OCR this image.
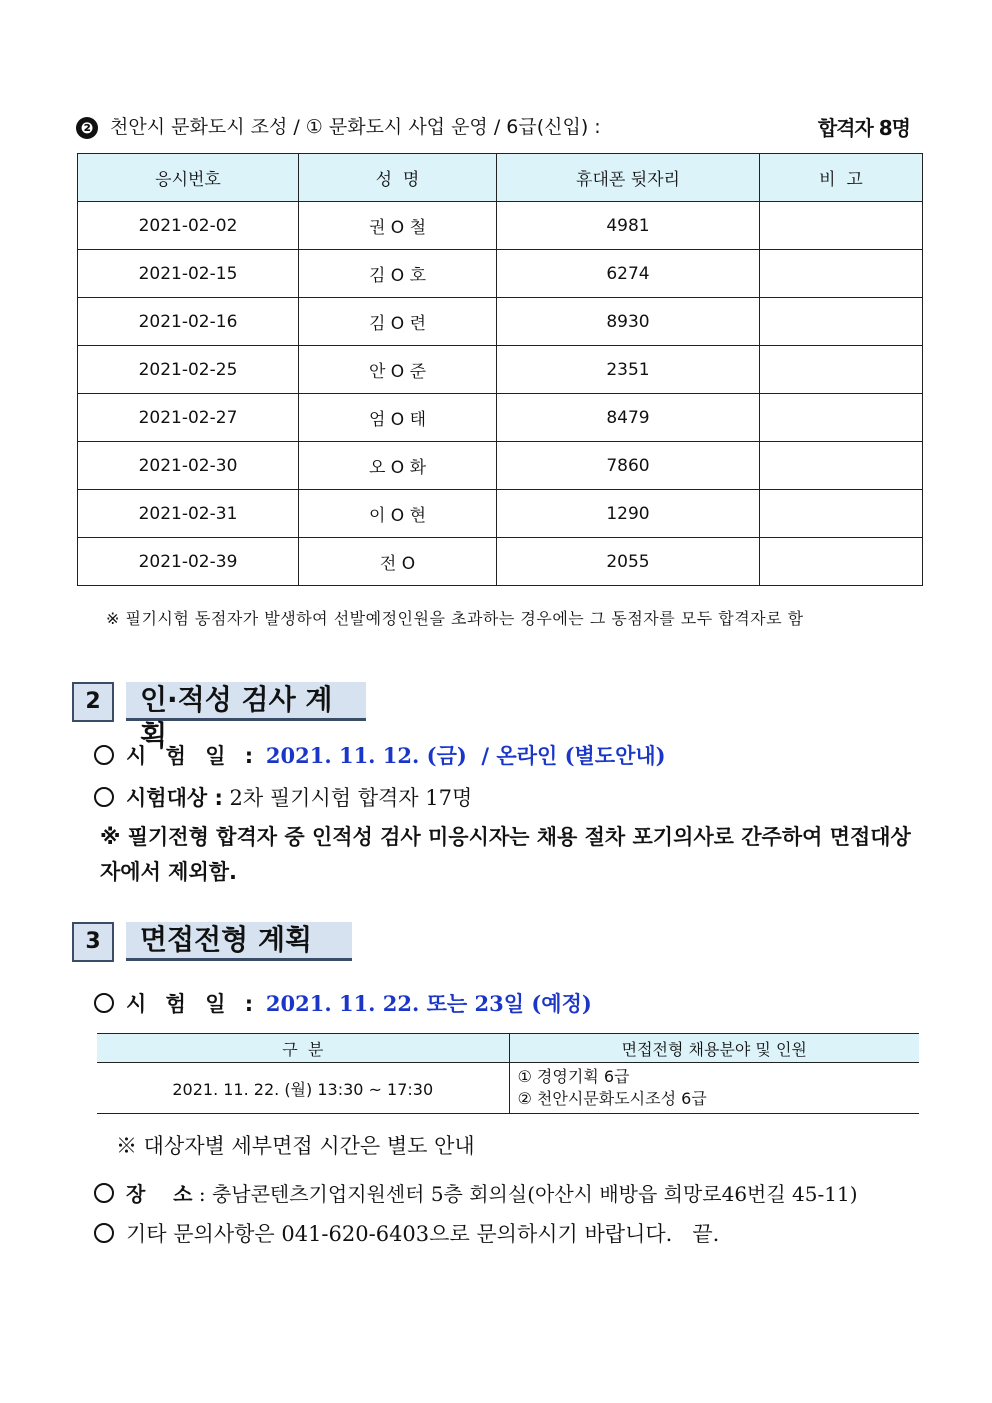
❷ 천안시 문화도시 조성 / ① 문화도시 사업 운영 / 6급(신입) :	합격자 8명
응시번호	성  명	휴대폰 뒷자리	비  고
2021-02-02	권 O 철	4981	
2021-02-15	김 O 호	6274	
2021-02-16	김 O 련	8930	
2021-02-25	안 O 준	2351	
2021-02-27	엄 O 태	8479	
2021-02-30	오 O 화	7860	
2021-02-31	이 O 현	1290	
2021-02-39	전 O	2055	
※ 필기시험 동점자가 발생하여 선발예정인원을 초과하는 경우에는 그 동점자를 모두 합격자로 함
2	인·적성 검사 계획
시 험 일 : 2021. 11. 12. (금)  / 온라인 (별도안내)
시험대상 : 2차 필기시험 합격자 17명
※ 필기전형 합격자 중 인적성 검사 미응시자는 채용 절차 포기의사로 간주하여 면접대상자에서 제외함.
3	면접전형 계획
시 험 일 : 2021. 11. 22. 또는 23일 (예정)
구  분	면접전형 채용분야 및 인원
2021. 11. 22. (월) 13:30 ~ 17:30	① 경영기획 6급
② 천안시문화도시조성 6급
※ 대상자별 세부면접 시간은 별도 안내
장    소 : 충남콘텐츠기업지원센터 5층 회의실(아산시 배방읍 희망로46번길 45-11)
기타 문의사항은 041-620-6403으로 문의하시기 바랍니다.   끝.
